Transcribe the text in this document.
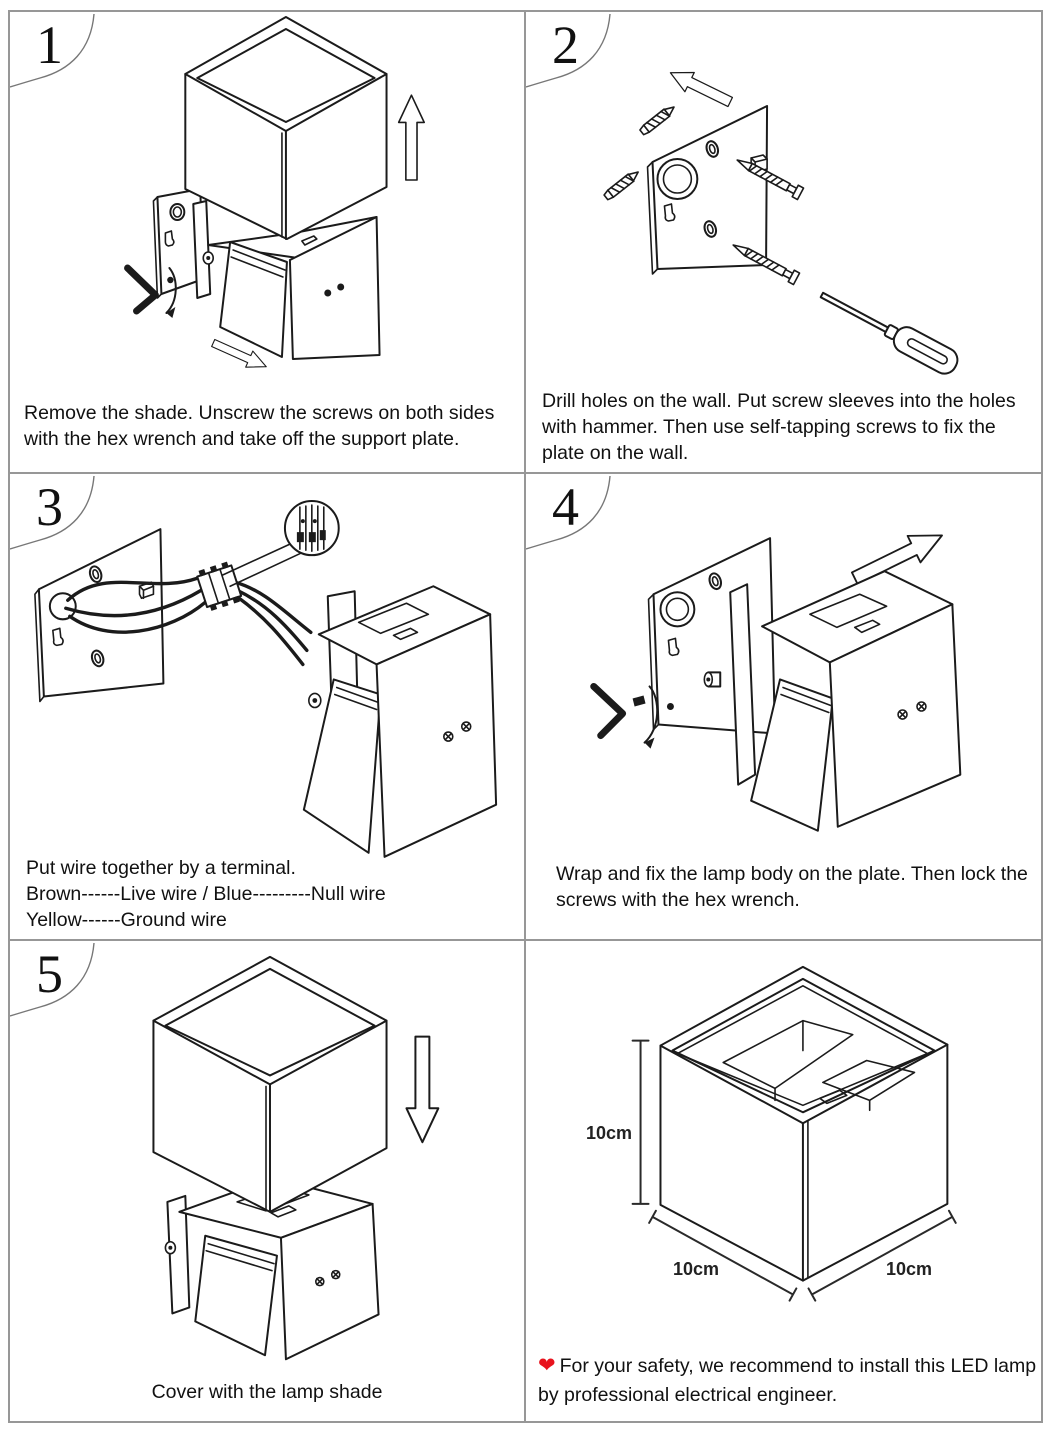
1
Remove the shade. Unscrew the screws on both sides
with the hex wrench and take off the support plate.
2
Drill holes on the wall. Put screw sleeves into the holes
with hammer. Then use self-tapping screws to fix the
plate on the wall.
3
Put wire together by a terminal.
Brown------Live wire / Blue---------Null wire
Yellow------Ground wire
4
Wrap and fix the lamp body on the plate. Then lock the
screws with the hex wrench.
5
Cover with the lamp shade
10cm
10cm	10cm
❤ For your safety, we recommend to install this LED lamp
by professional electrical engineer.
